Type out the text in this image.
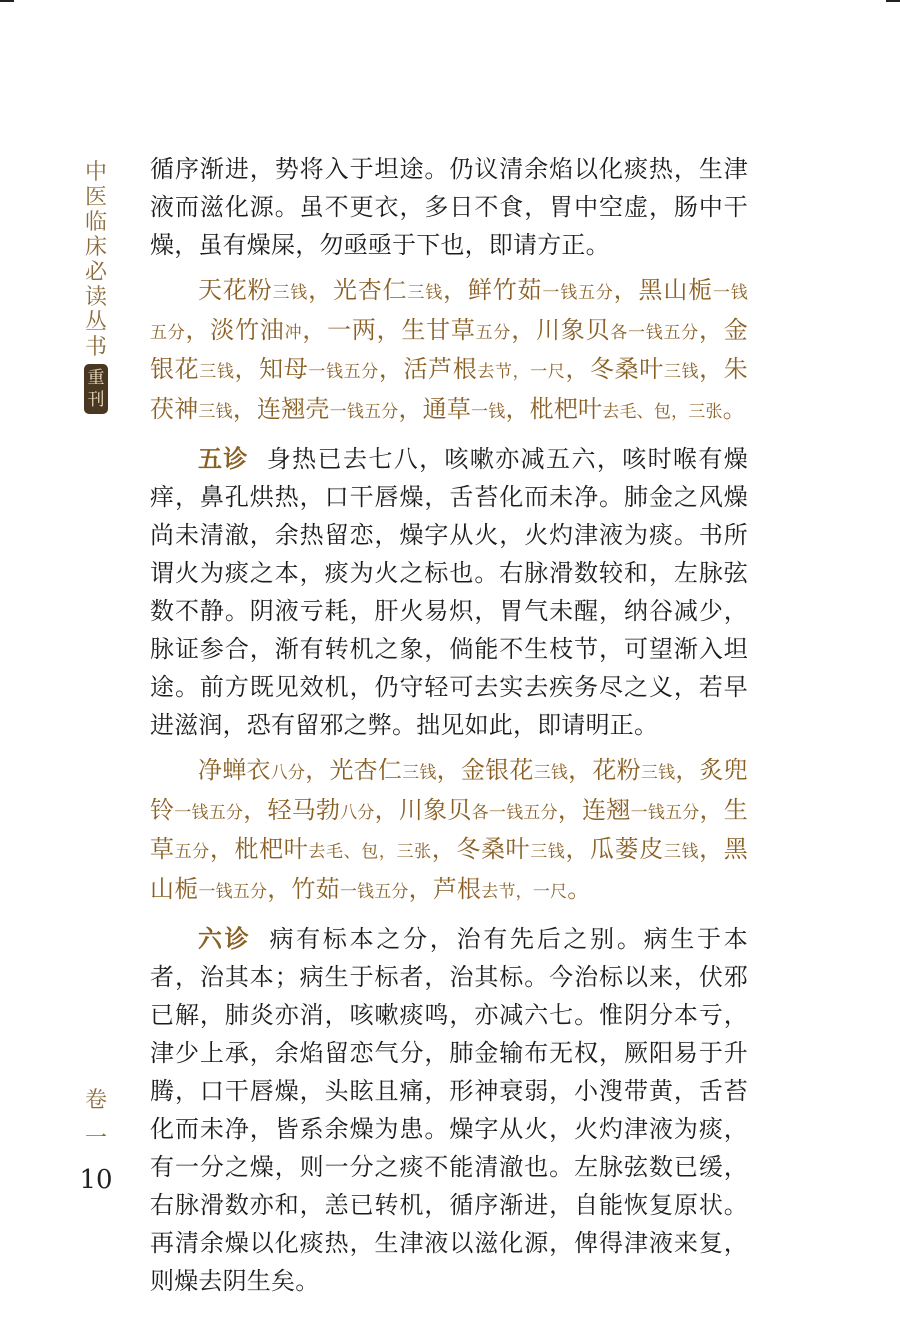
中
医
临
床
必
读
丛
书
重
刊
卷
一
10

循序渐进，势将入于坦途。仍议清余焰以化痰热，生津液而滋化源。虽不更衣，多日不食，胃中空虚，肠中干燥，虽有燥屎，勿亟亟于下也，即请方正。

天花粉三钱，光杏仁三钱，鲜竹茹一钱五分，黑山栀一钱五分，淡竹油冲，一两，生甘草五分，川象贝各一钱五分，金银花三钱，知母一钱五分，活芦根去节，一尺，冬桑叶三钱，朱茯神三钱，连翘壳一钱五分，通草一钱，枇杷叶去毛、包，三张。

五诊 身热已去七八，咳嗽亦减五六，咳时喉有燥痒，鼻孔烘热，口干唇燥，舌苔化而未净。肺金之风燥尚未清澈，余热留恋，燥字从火，火灼津液为痰。书所谓火为痰之本，痰为火之标也。右脉滑数较和，左脉弦数不静。阴液亏耗，肝火易炽，胃气未醒，纳谷减少，脉证参合，渐有转机之象，倘能不生枝节，可望渐入坦途。前方既见效机，仍守轻可去实去疾务尽之义，若早进滋润，恐有留邪之弊。拙见如此，即请明正。

净蝉衣八分，光杏仁三钱，金银花三钱，花粉三钱，炙兜铃一钱五分，轻马勃八分，川象贝各一钱五分，连翘一钱五分，生草五分，枇杷叶去毛、包，三张，冬桑叶三钱，瓜蒌皮三钱，黑山栀一钱五分，竹茹一钱五分，芦根去节，一尺。

六诊 病有标本之分，治有先后之别。病生于本者，治其本；病生于标者，治其标。今治标以来，伏邪已解，肺炎亦消，咳嗽痰鸣，亦减六七。惟阴分本亏，津少上承，余焰留恋气分，肺金输布无权，厥阳易于升腾，口干唇燥，头眩且痛，形神衰弱，小溲带黄，舌苔化而未净，皆系余燥为患。燥字从火，火灼津液为痰，有一分之燥，则一分之痰不能清澈也。左脉弦数已缓，右脉滑数亦和，恙已转机，循序渐进，自能恢复原状。再清余燥以化痰热，生津液以滋化源，俾得津液来复，则燥去阴生矣。
